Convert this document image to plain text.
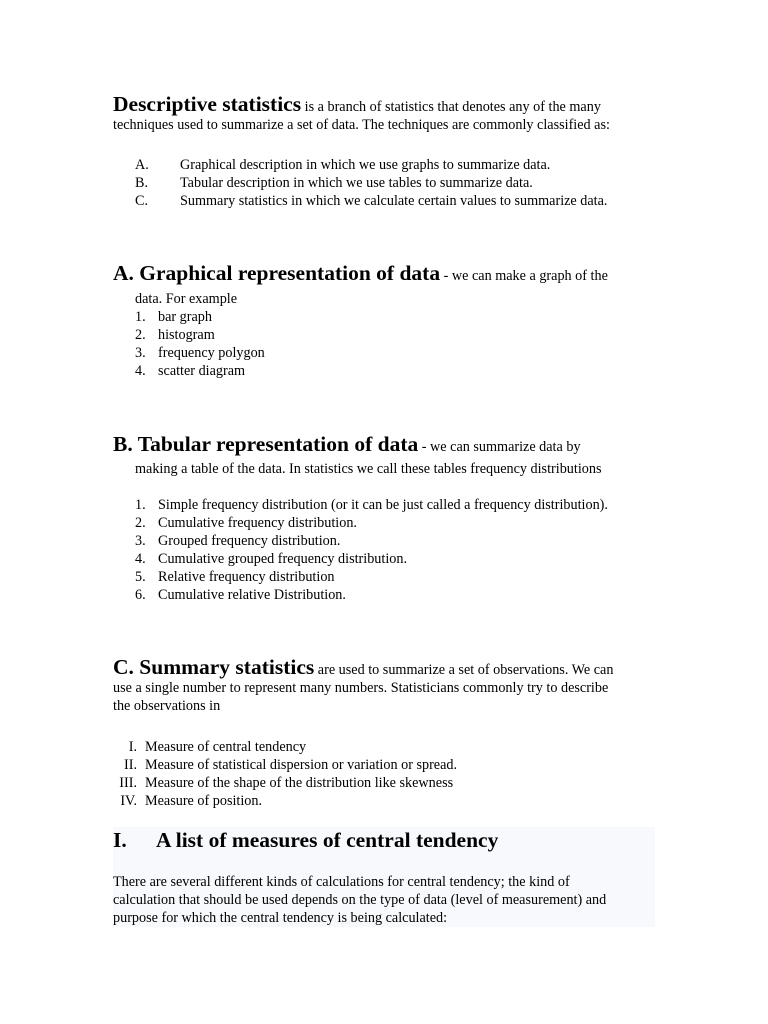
Descriptive statistics is a branch of statistics that denotes any of the many
techniques used to summarize a set of data. The techniques are commonly classified as:

A.	Graphical description in which we use graphs to summarize data.
B.	Tabular description in which we use tables to summarize data.
C.	Summary statistics in which we calculate certain values to summarize data.

A. Graphical representation of data - we can make a graph of the

data. For example

1. bar graph
2. histogram
3. frequency polygon
4. scatter diagram

B. Tabular representation of data - we can summarize data by

making a table of the data. In statistics we call these tables frequency distributions

1. Simple frequency distribution (or it can be just called a frequency distribution).
2. Cumulative frequency distribution.
3. Grouped frequency distribution.
4. Cumulative grouped frequency distribution.
5. Relative frequency distribution
6. Cumulative relative Distribution.

C. Summary statistics are used to summarize a set of observations. We can
use a single number to represent many numbers. Statisticians commonly try to describe
the observations in

I. Measure of central tendency
II. Measure of statistical dispersion or variation or spread.
III. Measure of the shape of the distribution like skewness
IV. Measure of position.
I. A list of measures of central tendency

There are several different kinds of calculations for central tendency; the kind of
calculation that should be used depends on the type of data (level of measurement) and
purpose for which the central tendency is being calculated:
